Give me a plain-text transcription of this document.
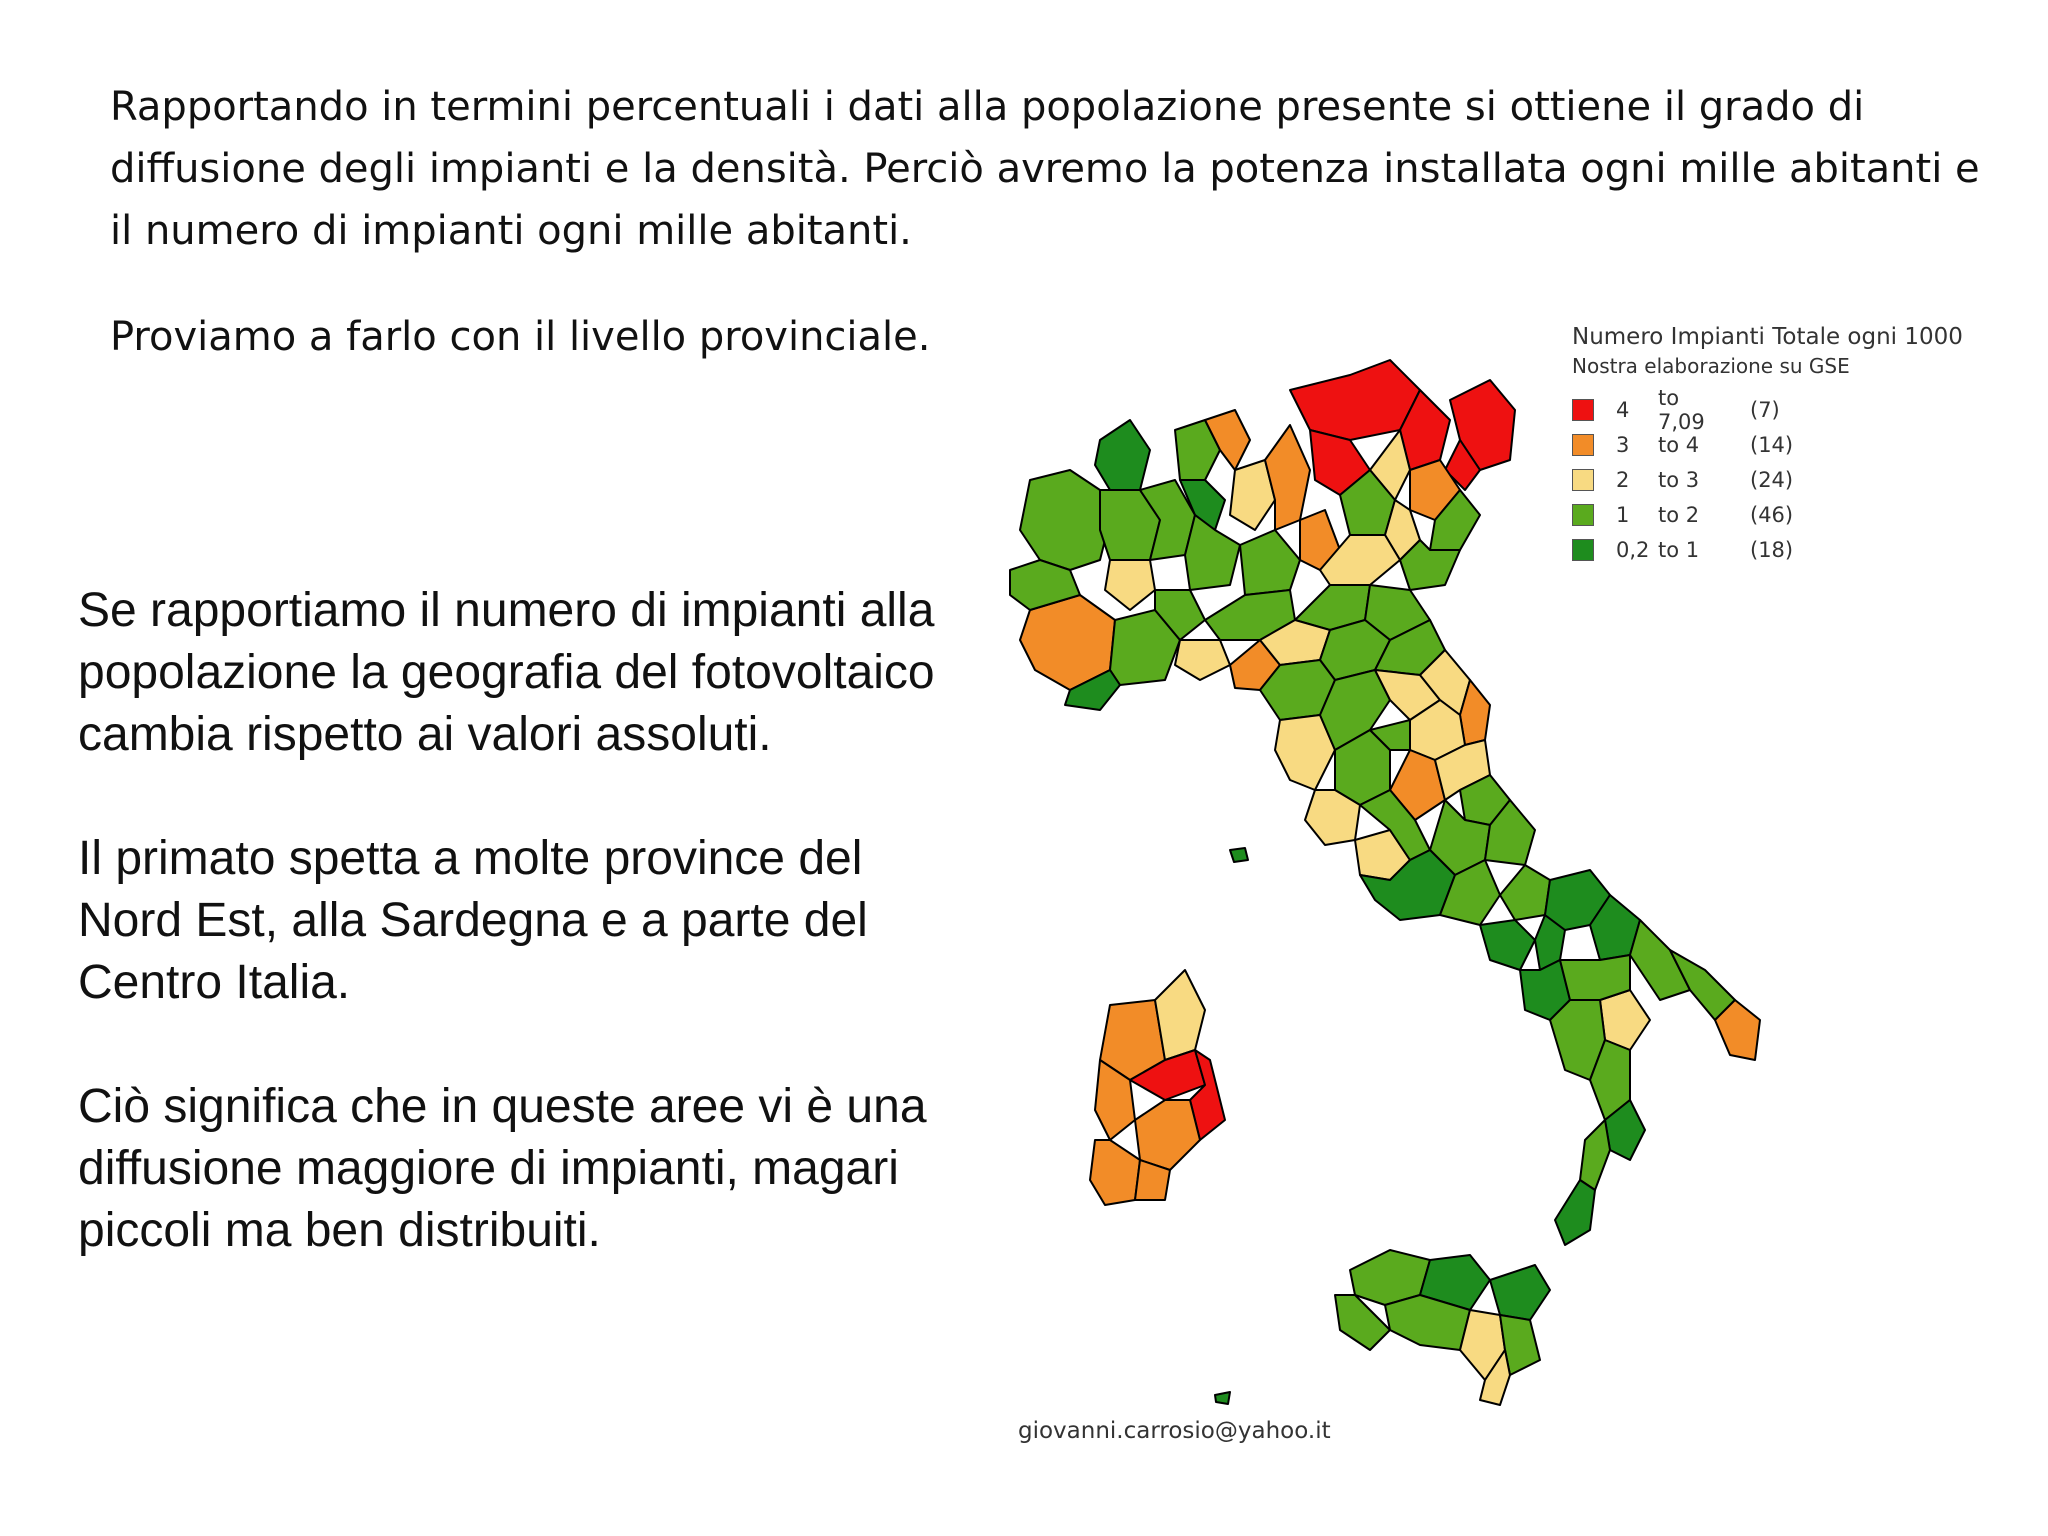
Rapportando in termini percentuali i dati alla popolazione presente si ottiene il grado di diffusione degli impianti e la densità. Perciò avremo la potenza installata ogni mille abitanti e il numero di impianti ogni mille abitanti.

Proviamo a farlo con il livello provinciale.

Se rapportiamo il numero di impianti alla popolazione la geografia del fotovoltaico cambia rispetto ai valori assoluti.

Il primato spetta a molte province del Nord Est, alla Sardegna e a parte del Centro Italia.

Ciò significa che in queste aree vi è una diffusione maggiore di impianti, magari piccoli ma ben distribuiti.

Numero Impianti Totale ogni 1000
Nostra elaborazione su GSE
4	to 7,09	(7)
3	to 4	(14)
2	to 3	(24)
1	to 2	(46)
0,2 to 1	(18)
giovanni.carrosio@yahoo.it
